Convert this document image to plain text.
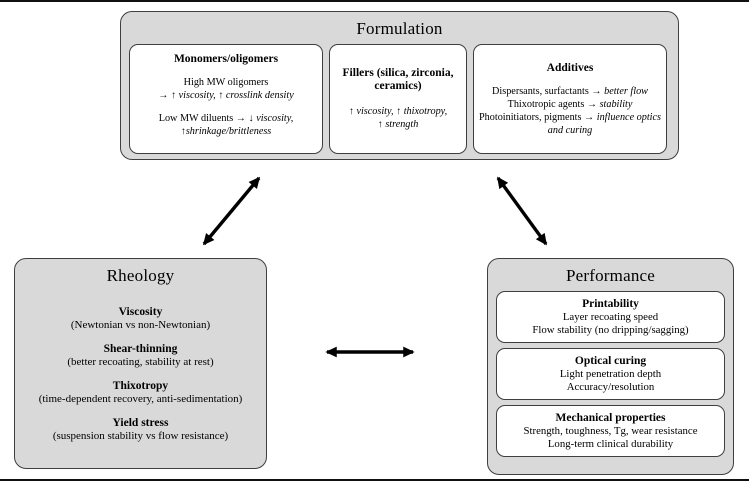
Formulation
Monomers/oligomers
High MW oligomers
→ ↑ viscosity, ↑ crosslink density
Low MW diluents → ↓ viscosity,
↑shrinkage/brittleness
Fillers (silica, zirconia, ceramics)
↑ viscosity, ↑ thixotropy,
↑ strength
Additives
Dispersants, surfactants → better flow
Thixotropic agents → stability
Photoinitiators, pigments → influence optics and curing
Rheology
Viscosity
(Newtonian vs non-Newtonian)
Shear-thinning
(better recoating, stability at rest)
Thixotropy
(time-dependent recovery, anti-sedimentation)
Yield stress
(suspension stability vs flow resistance)
Performance
Printability
Layer recoating speed
Flow stability (no dripping/sagging)
Optical curing
Light penetration depth
Accuracy/resolution
Mechanical properties
Strength, toughness, Tg, wear resistance
Long-term clinical durability
